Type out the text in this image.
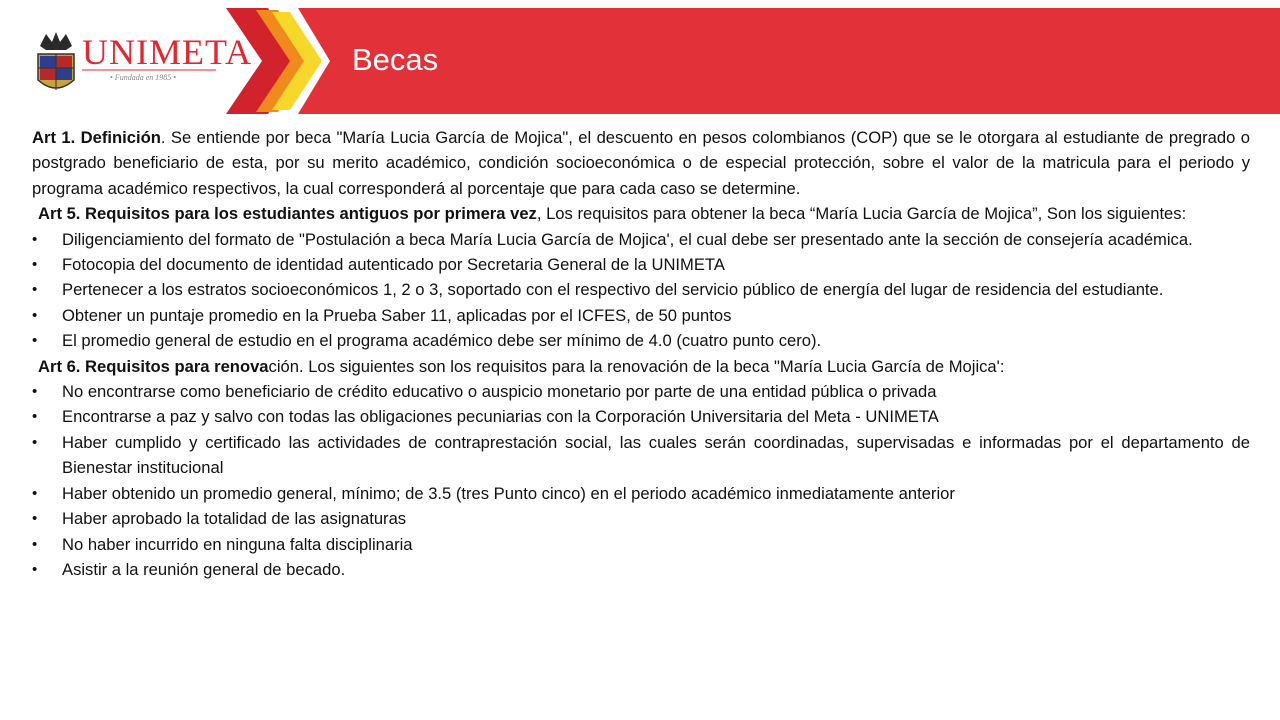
UNIMETA
• Fundada en 1985 •
Becas

Art 1. Definición. Se entiende por beca "María Lucia García de Mojica", el descuento en pesos colombianos (COP) que se le otorgara al estudiante de pregrado o postgrado beneficiario de esta, por su merito académico, condición socioeconómica o de especial protección, sobre el valor de la matricula para el periodo y programa académico respectivos, la cual corresponderá al porcentaje que para cada caso se determine.

Art 5. Requisitos para los estudiantes antiguos por primera vez, Los requisitos para obtener la beca “María Lucia García de Mojica”, Son los siguientes:

• Diligenciamiento del formato de "Postulación a beca María Lucia García de Mojica', el cual debe ser presentado ante la sección de consejería académica.
• Fotocopia del documento de identidad autenticado por Secretaria General de la UNIMETA
• Pertenecer a los estratos socioeconómicos 1, 2 o 3, soportado con el respectivo del servicio público de energía del lugar de residencia del estudiante.
• Obtener un puntaje promedio en la Prueba Saber 11, aplicadas por el ICFES, de 50 puntos
• El promedio general de estudio en el programa académico debe ser mínimo de 4.0 (cuatro punto cero).

Art 6. Requisitos para renovación. Los siguientes son los requisitos para la renovación de la beca "María Lucia García de Mojica':

• No encontrarse como beneficiario de crédito educativo o auspicio monetario por parte de una entidad pública o privada
• Encontrarse a paz y salvo con todas las obligaciones pecuniarias con la Corporación Universitaria del Meta - UNIMETA
• Haber cumplido y certificado las actividades de contraprestación social, las cuales serán coordinadas, supervisadas e informadas por el departamento de Bienestar institucional
• Haber obtenido un promedio general, mínimo; de 3.5 (tres Punto cinco) en el periodo académico inmediatamente anterior
• Haber aprobado la totalidad de las asignaturas
• No haber incurrido en ninguna falta disciplinaria
• Asistir a la reunión general de becado.
